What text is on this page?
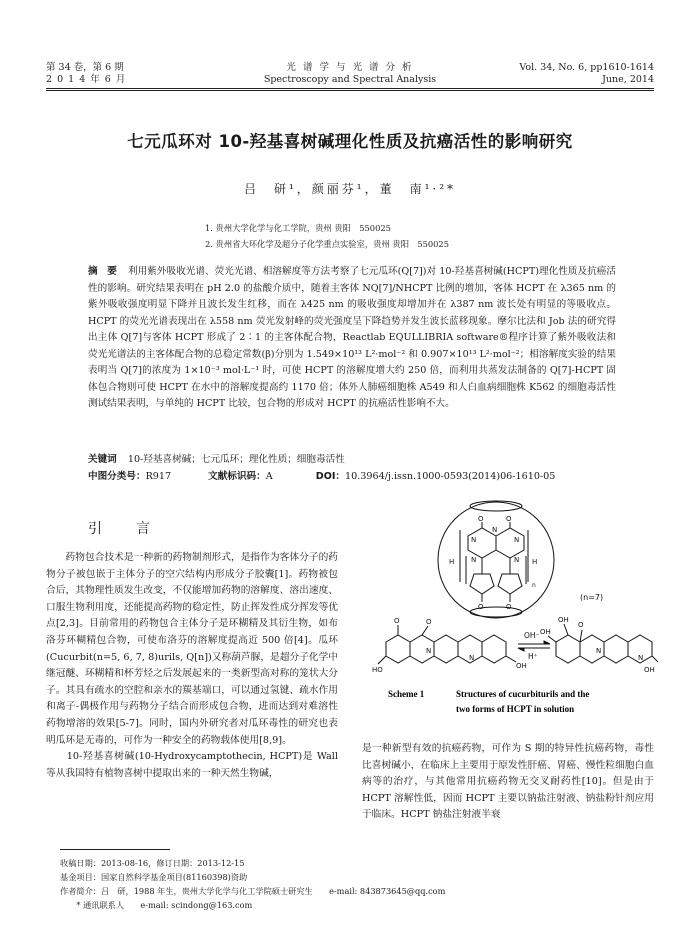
第 34 卷，第 6 期
2 0 1 4 年 6 月
光 谱 学 与 光 谱 分 析
Spectroscopy and Spectral Analysis
Vol. 34, No. 6, pp1610-1614
June, 2014
七元瓜环对 10-羟基喜树碱理化性质及抗癌活性的影响研究
吕　研¹，颜丽芬¹，董　南¹·²*
1. 贵州大学化学与化工学院，贵州 贵阳　550025
2. 贵州省大环化学及超分子化学重点实验室，贵州 贵阳　550025
摘　要 利用紫外吸收光谱、荧光光谱、相溶解度等方法考察了七元瓜环(Q[7])对 10-羟基喜树碱(HCPT)理化性质及抗癌活性的影响。研究结果表明在 pH 2.0 的盐酸介质中，随着主客体 NQ[7]/NHCPT 比例的增加，客体 HCPT 在 λ365 nm 的紫外吸收强度明显下降并且波长发生红移，而在 λ425 nm 的吸收强度却增加并在 λ387 nm 波长处有明显的等吸收点。HCPT 的荧光光谱表现出在 λ558 nm 荧光发射峰的荧光强度呈下降趋势并发生波长蓝移现象。摩尔比法和 Job 法的研究得出主体 Q[7]与客体 HCPT 形成了 2∶1 的主客体配合物，Reactlab EQULLIBRIA software®程序计算了紫外吸收法和荧光光谱法的主客体配合物的总稳定常数(β)分别为 1.549×10¹³ L²·mol⁻² 和 0.907×10¹³ L²·mol⁻²；相溶解度实验的结果表明当 Q[7]的浓度为 1×10⁻³ mol·L⁻¹ 时，可使 HCPT 的溶解度增大约 250 倍，而利用共蒸发法制备的 Q[7]-HCPT 固体包合物则可使 HCPT 在水中的溶解度提高约 1170 倍；体外人肺癌细胞株 A549 和人白血病细胞株 K562 的细胞毒活性测试结果表明，与单纯的 HCPT 比较，包合物的形成对 HCPT 的抗癌活性影响不大。
关键词 10-羟基喜树碱；七元瓜环；理化性质；细胞毒活性
中图分类号：R917	文献标识码：A	DOI：10.3964/j.issn.1000-0593(2014)06-1610-05
引　言
　　药物包合技术是一种新的药物制剂形式，是指作为客体分子的药物分子被包嵌于主体分子的空穴结构内形成分子胶囊[1]。药物被包合后，其物理性质发生改变，不仅能增加药物的溶解度、溶出速度、口服生物利用度，还能提高药物的稳定性，防止挥发性成分挥发等优点[2,3]。目前常用的药物包合主体分子是环糊精及其衍生物，如布洛芬环糊精包合物，可使布洛芬的溶解度提高近 500 倍[4]。瓜环(Cucurbit(n=5, 6, 7, 8)urils, Q[n])又称葫芦脲，是超分子化学中继冠醚、环糊精和杯芳烃之后发展起来的一类新型高对称的笼状大分子。其具有疏水的空腔和亲水的羰基端口，可以通过氢键、疏水作用和离子-偶极作用与药物分子结合而形成包合物，进而达到对难溶性药物增溶的效果[5-7]。同时，国内外研究者对瓜环毒性的研究也表明瓜环是无毒的，可作为一种安全的药物载体使用[8,9]。
　　10-羟基喜树碱(10-Hydroxycamptothecin, HCPT)是 Wall 等从我国特有植物喜树中提取出来的一种天然生物碱，
是一种新型有效的抗癌药物，可作为 S 期的特异性抗癌药物，毒性比喜树碱小，在临床上主要用于原发性肝癌、胃癌、慢性粒细胞白血病等的治疗，与其他常用抗癌药物无交叉耐药性[10]。但是由于 HCPT 溶解性低，因而 HCPT 主要以钠盐注射液、钠盐粉针剂应用于临床。HCPT 钠盐注射液半衰
O	O
N	N
N
H	H
N	N
O	O
n
(n=7)
O	O
N
N
HO	OH
OH⁻
H⁺
OH
O
OH
N
N
OH
Scheme 1	Structures of cucurbiturils and the
two forms of HCPT in solution
收稿日期：2013-08-16，修订日期：2013-12-15
基金项目：国家自然科学基金项目(81160398)资助
作者简介：吕　研，1988 年生，贵州大学化学与化工学院硕士研究生　　e-mail: 843873645@qq.com
　　* 通讯联系人　　e-mail: scindong@163.com
